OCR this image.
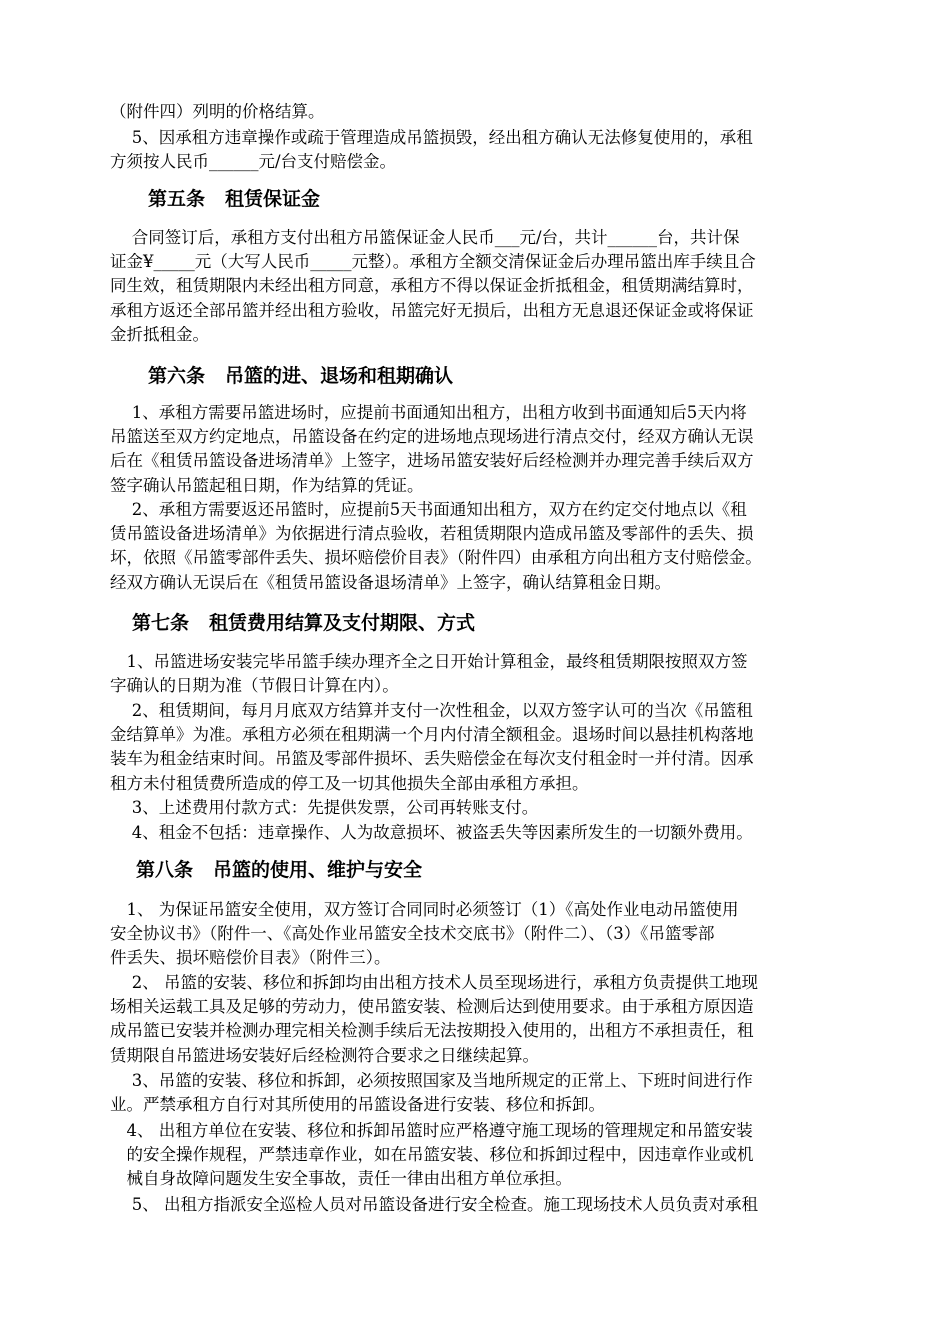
（附件四）列明的价格结算。

　 5、因承租方违章操作或疏于管理造成吊篮损毁，经出租方确认无法修复使用的，承租

方须按人民币______元/台支付赔偿金。

第五条 租赁保证金

　 合同签订后，承租方支付出租方吊篮保证金人民币___元/台，共计______台，共计保

证金¥_____元（大写人民币_____元整）。承租方全额交清保证金后办理吊篮出库手续且合

同生效，租赁期限内未经出租方同意，承租方不得以保证金折抵租金，租赁期满结算时，

承租方返还全部吊篮并经出租方验收，吊篮完好无损后，出租方无息退还保证金或将保证

金折抵租金。

第六条 吊篮的进、退场和租期确认

　 1、承租方需要吊篮进场时，应提前书面通知出租方，出租方收到书面通知后5天内将

吊篮送至双方约定地点，吊篮设备在约定的进场地点现场进行清点交付，经双方确认无误

后在《租赁吊篮设备进场清单》上签字，进场吊篮安装好后经检测并办理完善手续后双方

签字确认吊篮起租日期，作为结算的凭证。

　 2、承租方需要返还吊篮时，应提前5天书面通知出租方，双方在约定交付地点以《租

赁吊篮设备进场清单》为依据进行清点验收，若租赁期限内造成吊篮及零部件的丢失、损

坏，依照《吊篮零部件丢失、损坏赔偿价目表》（附件四）由承租方向出租方支付赔偿金。

经双方确认无误后在《租赁吊篮设备退场清单》上签字，确认结算租金日期。

第七条 租赁费用结算及支付期限、方式

　1、吊篮进场安装完毕吊篮手续办理齐全之日开始计算租金，最终租赁期限按照双方签

字确认的日期为准（节假日计算在内）。

　 2、租赁期间，每月月底双方结算并支付一次性租金，以双方签字认可的当次《吊篮租

金结算单》为准。承租方必须在租期满一个月内付清全额租金。退场时间以悬挂机构落地

装车为租金结束时间。吊篮及零部件损坏、丢失赔偿金在每次支付租金时一并付清。因承

租方未付租赁费所造成的停工及一切其他损失全部由承租方承担。

　 3、上述费用付款方式：先提供发票，公司再转账支付。

　 4、租金不包括：违章操作、人为故意损坏、被盗丢失等因素所发生的一切额外费用。

第八条 吊篮的使用、维护与安全

　1、 为保证吊篮安全使用，双方签订合同同时必须签订（1）《高处作业电动吊篮使用

安全协议书》（附件一、《高处作业吊篮安全技术交底书》（附件二）、（3）《吊篮零部

件丢失、损坏赔偿价目表》（附件三）。

　 2、 吊篮的安装、移位和拆卸均由出租方技术人员至现场进行，承租方负责提供工地现

场相关运载工具及足够的劳动力，使吊篮安装、检测后达到使用要求。由于承租方原因造

成吊篮已安装并检测办理完相关检测手续后无法按期投入使用的，出租方不承担责任，租

赁期限自吊篮进场安装好后经检测符合要求之日继续起算。

　 3、吊篮的安装、移位和拆卸，必须按照国家及当地所规定的正常上、下班时间进行作

业。严禁承租方自行对其所使用的吊篮设备进行安装、移位和拆卸。

　4、 出租方单位在安装、移位和拆卸吊篮时应严格遵守施工现场的管理规定和吊篮安装

　的安全操作规程，严禁违章作业，如在吊篮安装、移位和拆卸过程中，因违章作业或机

　械自身故障问题发生安全事故，责任一律由出租方单位承担。

　 5、 出租方指派安全巡检人员对吊篮设备进行安全检查。施工现场技术人员负责对承租
